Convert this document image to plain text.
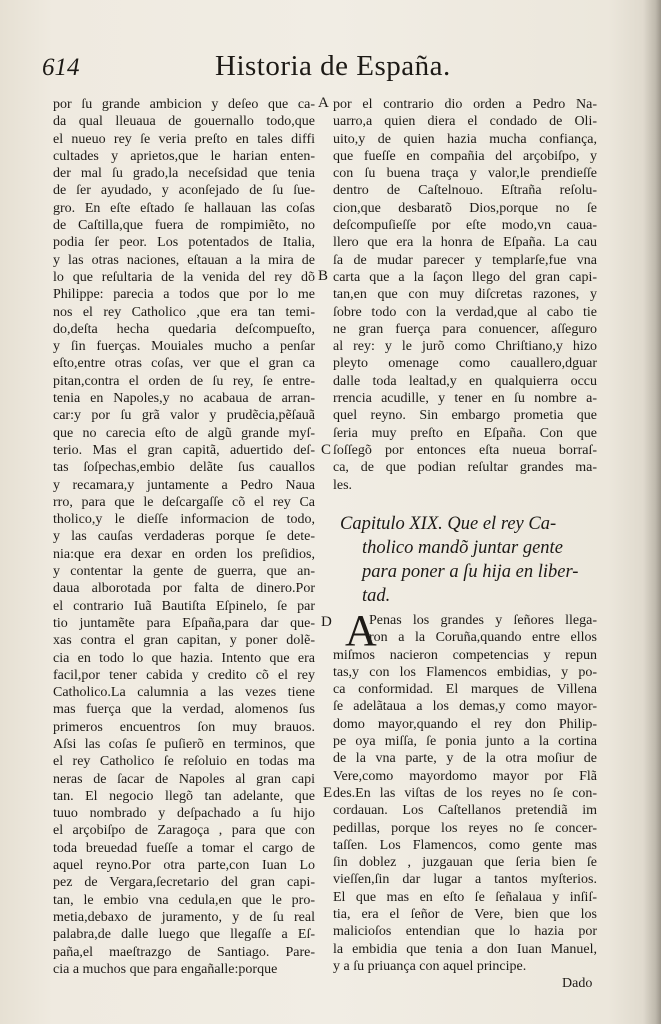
614	Historia de España.
por ſu grande ambicion y deſeo que ca-
da qual lleuaua de gouernallo todo,que
el nueuo rey ſe veria preſto en tales diffi
cultades y aprietos,que le harian enten-
der mal ſu grado,la neceſsidad que tenia
de ſer ayudado, y aconſejado de ſu ſue-
gro. En eſte eſtado ſe hallauan las coſas
de Caſtilla,que fuera de rompimiẽto, no
podia ſer peor. Los potentados de Italia,
y las otras naciones, eſtauan a la mira de
lo que reſultaria de la venida del rey dõ
Philippe: parecia a todos que por lo me
nos el rey Catholico ,que era tan temi-
do,deſta hecha quedaria deſcompueſto,
y ſin fuerças. Mouiales mucho a penſar
eſto,entre otras coſas, ver que el gran ca
pitan,contra el orden de ſu rey, ſe entre-
tenia en Napoles,y no acabaua de arran-
car:y por ſu grã valor y prudẽcia,pẽſauã
que no carecia eſto de algũ grande myſ-
terio. Mas el gran capitã, aduertido deſ-
tas ſoſpechas,embio delãte ſus cauallos
y recamara,y juntamente a Pedro Naua
rro, para que le deſcargaſſe cõ el rey Ca
tholico,y le dieſſe informacion de todo,
y las cauſas verdaderas porque ſe dete-
nia:que era dexar en orden los preſidios,
y contentar la gente de guerra, que an-
daua alborotada por falta de dinero.Por
el contrario Iuã Bautiſta Eſpinelo, ſe par
tio juntamẽte para Eſpaña,para dar que-
xas contra el gran capitan, y poner dolẽ-
cia en todo lo que hazia. Intento que era
facil,por tener cabida y credito cõ el rey
Catholico.La calumnia a las vezes tiene
mas fuerça que la verdad, alomenos ſus
primeros encuentros ſon muy brauos.
Aſsi las coſas ſe puſierõ en terminos, que
el rey Catholico ſe reſoluio en todas ma
neras de ſacar de Napoles al gran capi
tan. El negocio llegõ tan adelante, que
tuuo nombrado y deſpachado a ſu hijo
el arçobiſpo de Zaragoça , para que con
toda breuedad fueſſe a tomar el cargo de
aquel reyno.Por otra parte,con Iuan Lo
pez de Vergara,ſecretario del gran capi-
tan, le embio vna cedula,en que le pro-
metia,debaxo de juramento, y de ſu real
palabra,de dalle luego que llegaſſe a Eſ-
paña,el maeſtrazgo de Santiago. Pare-
cia a muchos que para engañalle:porque
por el contrario dio orden a Pedro Na-
uarro,a quien diera el condado de Oli-
uito,y de quien hazia mucha confiança,
que fueſſe en compañia del arçobiſpo, y
con ſu buena traça y valor,le prendieſſe
dentro de Caſtelnouo. Eſtraña reſolu-
cion,que desbaratõ Dios,porque no ſe
deſcompuſieſſe por eſte modo,vn caua-
llero que era la honra de Eſpaña. La cau
ſa de mudar parecer y templarſe,fue vna
carta que a la ſaçon llego del gran capi-
tan,en que con muy diſcretas razones, y
ſobre todo con la verdad,que al cabo tie
ne gran fuerça para conuencer, aſſeguro
al rey: y le jurõ como Chriſtiano,y hizo
pleyto omenage como cauallero,dguar
dalle toda lealtad,y en qualquierra occu
rrencia acudille, y tener en ſu nombre a-
quel reyno. Sin embargo prometia que
ſeria muy preſto en Eſpaña. Con que
ſoſſegõ por entonces eſta nueua borraſ-
ca, de que podian reſultar grandes ma-
les.
Capitulo XIX. Que el rey Ca-
tholico mandõ juntar gente
para poner a ſu hija en liber-
tad.
A
Penas los grandes y ſeñores llega-
ron a la Coruña,quando entre ellos
miſmos nacieron competencias y repun
tas,y con los Flamencos embidias, y po-
ca conformidad. El marques de Villena
ſe adelãtaua a los demas,y como mayor-
domo mayor,quando el rey don Philip-
pe oya miſſa, ſe ponia junto a la cortina
de la vna parte, y de la otra moſiur de
Vere,como mayordomo mayor por Flã
des.En las viſtas de los reyes no ſe con-
cordauan. Los Caſtellanos pretendiã im
pedillas, porque los reyes no ſe concer-
taſſen. Los Flamencos, como gente mas
ſin doblez , juzgauan que ſeria bien ſe
vieſſen,ſin dar lugar a tantos myſterios.
El que mas en eſto ſe ſeñalaua y inſiſ-
tia, era el ſeñor de Vere, bien que los
malicioſos entendian que lo hazia por
la embidia que tenia a don Iuan Manuel,
y a ſu priuança con aquel principe.
A
B
C
D
E
Dado
